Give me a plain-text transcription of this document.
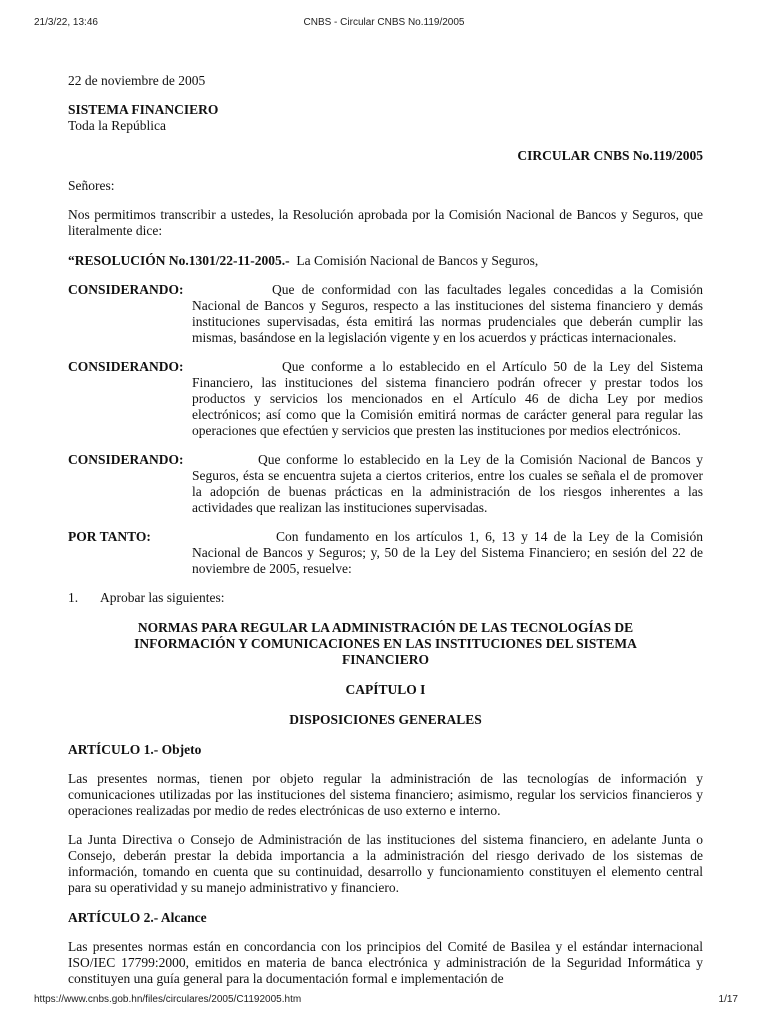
21/3/22, 13:46	CNBS - Circular CNBS No.119/2005

22 de noviembre de 2005

SISTEMA FINANCIERO

Toda la República

CIRCULAR CNBS No.119/2005

Señores:

Nos permitimos transcribir a ustedes, la Resolución aprobada por la Comisión Nacional de Bancos y Seguros, que literalmente dice:

“RESOLUCIÓN No.1301/22-11-2005.- La Comisión Nacional de Bancos y Seguros,

CONSIDERANDO:	Que de conformidad con las facultades legales concedidas a la Comisión Nacional de Bancos y Seguros, respecto a las instituciones del sistema financiero y demás instituciones supervisadas, ésta emitirá las normas prudenciales que deberán cumplir las mismas, basándose en la legislación vigente y en los acuerdos y prácticas internacionales.

CONSIDERANDO:	Que conforme a lo establecido en el Artículo 50 de la Ley del Sistema Financiero, las instituciones del sistema financiero podrán ofrecer y prestar todos los productos y servicios los mencionados en el Artículo 46 de dicha Ley por medios electrónicos; así como que la Comisión emitirá normas de carácter general para regular las operaciones que efectúen y servicios que presten las instituciones por medios electrónicos.

CONSIDERANDO:	Que conforme lo establecido en la Ley de la Comisión Nacional de Bancos y Seguros, ésta se encuentra sujeta a ciertos criterios, entre los cuales se señala el de promover la adopción de buenas prácticas en la administración de los riesgos inherentes a las actividades que realizan las instituciones supervisadas.

POR TANTO:	Con fundamento en los artículos 1, 6, 13 y 14 de la Ley de la Comisión Nacional de Bancos y Seguros; y, 50 de la Ley del Sistema Financiero; en sesión del 22 de noviembre de 2005, resuelve:

1. Aprobar las siguientes:

NORMAS PARA REGULAR LA ADMINISTRACIÓN DE LAS TECNOLOGÍAS DE INFORMACIÓN Y COMUNICACIONES EN LAS INSTITUCIONES DEL SISTEMA FINANCIERO

CAPÍTULO I

DISPOSICIONES GENERALES

ARTÍCULO 1.- Objeto

Las presentes normas, tienen por objeto regular la administración de las tecnologías de información y comunicaciones utilizadas por las instituciones del sistema financiero; asimismo, regular los servicios financieros y operaciones realizadas por medio de redes electrónicas de uso externo e interno.

La Junta Directiva o Consejo de Administración de las instituciones del sistema financiero, en adelante Junta o Consejo, deberán prestar la debida importancia a la administración del riesgo derivado de los sistemas de información, tomando en cuenta que su continuidad, desarrollo y funcionamiento constituyen el elemento central para su operatividad y su manejo administrativo y financiero.

ARTÍCULO 2.- Alcance

Las presentes normas están en concordancia con los principios del Comité de Basilea y el estándar internacional ISO/IEC 17799:2000, emitidos en materia de banca electrónica y administración de la Seguridad Informática y constituyen una guía general para la documentación formal e implementación de

https://www.cnbs.gob.hn/files/circulares/2005/C1192005.htm	1/17
